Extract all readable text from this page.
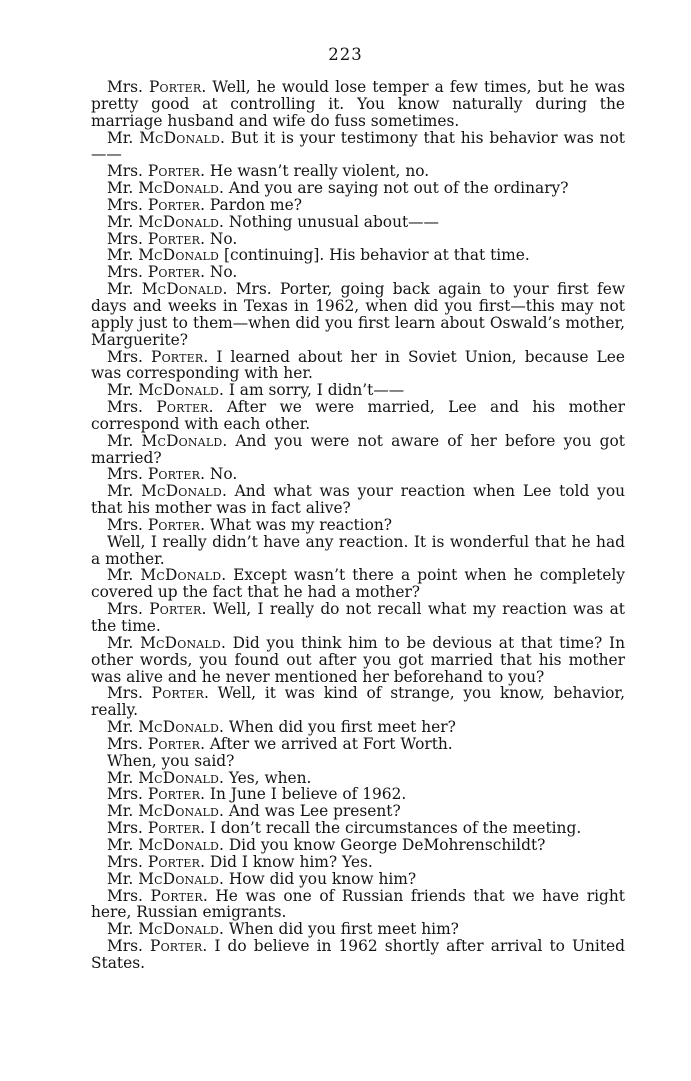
223

Mrs. Porter. Well, he would lose temper a few times, but he was pretty good at controlling it. You know naturally during the marriage husband and wife do fuss sometimes.

Mr. McDonald. But it is your testimony that his behavior was not——

Mrs. Porter. He wasn’t really violent, no.

Mr. McDonald. And you are saying not out of the ordinary?

Mrs. Porter. Pardon me?

Mr. McDonald. Nothing unusual about——

Mrs. Porter. No.

Mr. McDonald [continuing]. His behavior at that time.

Mrs. Porter. No.

Mr. McDonald. Mrs. Porter, going back again to your first few days and weeks in Texas in 1962, when did you first—this may not apply just to them—when did you first learn about Oswald’s mother, Marguerite?

Mrs. Porter. I learned about her in Soviet Union, because Lee was corresponding with her.

Mr. McDonald. I am sorry, I didn’t——

Mrs. Porter. After we were married, Lee and his mother correspond with each other.

Mr. McDonald. And you were not aware of her before you got married?

Mrs. Porter. No.

Mr. McDonald. And what was your reaction when Lee told you that his mother was in fact alive?

Mrs. Porter. What was my reaction?

Well, I really didn’t have any reaction. It is wonderful that he had a mother.

Mr. McDonald. Except wasn’t there a point when he completely covered up the fact that he had a mother?

Mrs. Porter. Well, I really do not recall what my reaction was at the time.

Mr. McDonald. Did you think him to be devious at that time? In other words, you found out after you got married that his mother was alive and he never mentioned her beforehand to you?

Mrs. Porter. Well, it was kind of strange, you know, behavior, really.

Mr. McDonald. When did you first meet her?

Mrs. Porter. After we arrived at Fort Worth.

When, you said?

Mr. McDonald. Yes, when.

Mrs. Porter. In June I believe of 1962.

Mr. McDonald. And was Lee present?

Mrs. Porter. I don’t recall the circumstances of the meeting.

Mr. McDonald. Did you know George DeMohrenschildt?

Mrs. Porter. Did I know him? Yes.

Mr. McDonald. How did you know him?

Mrs. Porter. He was one of Russian friends that we have right here, Russian emigrants.

Mr. McDonald. When did you first meet him?

Mrs. Porter. I do believe in 1962 shortly after arrival to United States.
